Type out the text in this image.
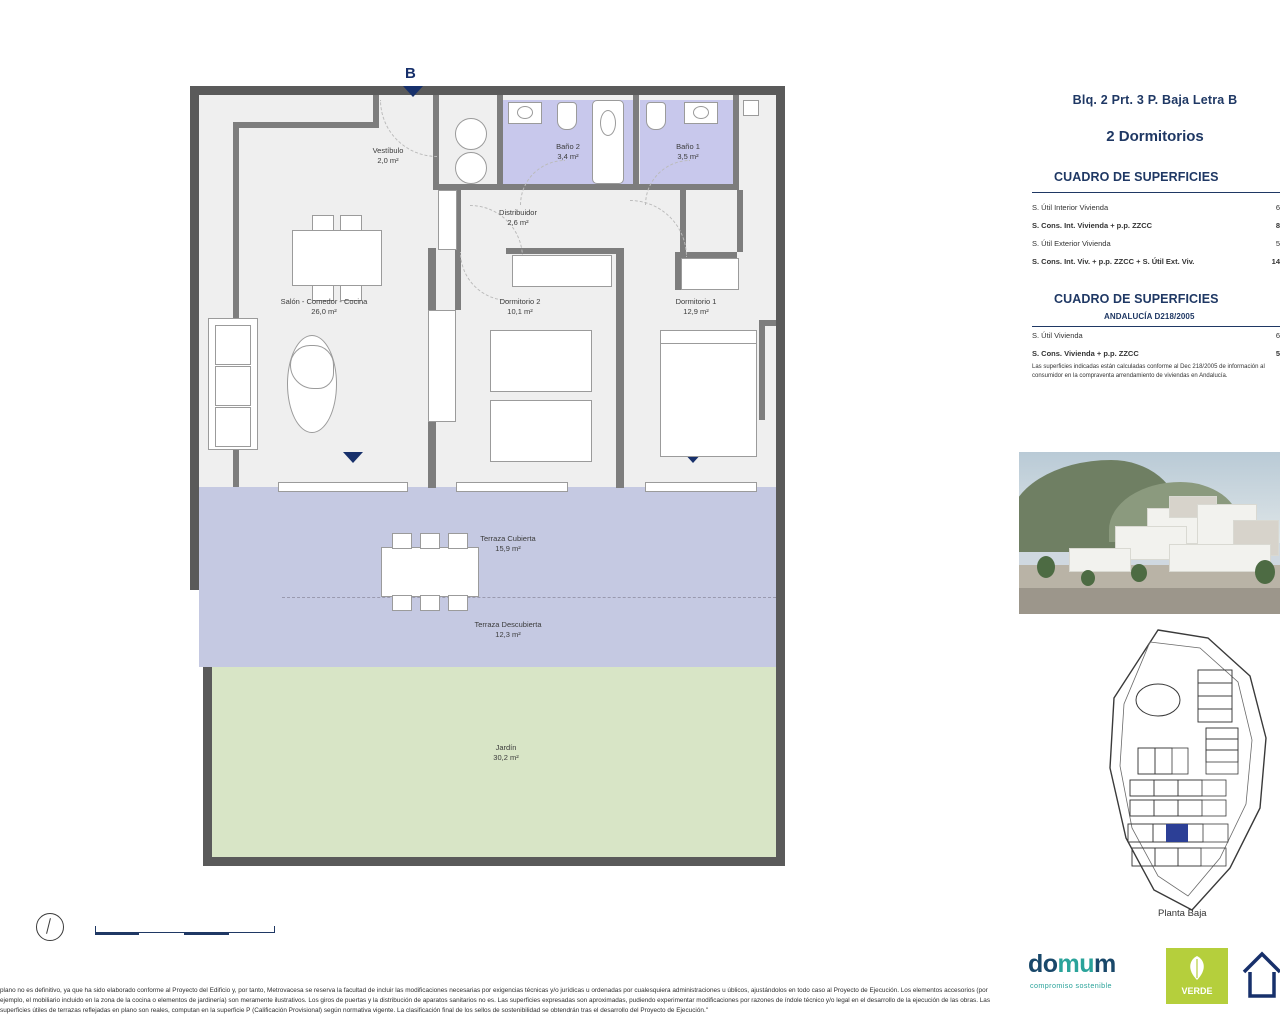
B
Vestíbulo
2,0 m²
Baño 2
3,4 m²
Baño 1
3,5 m²
Distribuidor
2,6 m²
Salón - Comedor - Cocina
26,0 m²
Dormitorio 2
10,1 m²
Dormitorio 1
12,9 m²
Terraza Cubierta
15,9 m²
Terraza Descubierta
12,3 m²
Jardín
30,2 m²
Blq. 2 Prt. 3 P. Baja Letra B
2 Dormitorios
CUADRO DE SUPERFICIES
S. Útil Interior Vivienda	6
S. Cons. Int. Vivienda + p.p. ZZCC	8
S. Útil Exterior Vivienda	5
S. Cons. Int. Viv. + p.p. ZZCC + S. Útil Ext. Viv.	14
CUADRO DE SUPERFICIES
ANDALUCÍA D218/2005
S. Útil Vivienda	6
S. Cons. Vivienda + p.p. ZZCC	5
Las superficies indicadas están calculadas conforme al Dec 218/2005 de información al consumidor en la compraventa arrendamiento de viviendas en Andalucía.
Planta Baja
domum
compromiso sostenible
VERDE

plano no es definitivo, ya que ha sido elaborado conforme al Proyecto del Edificio y, por tanto, Metrovacesa se reserva la facultad de incluir las modificaciones necesarias por exigencias técnicas y/o jurídicas u ordenadas por cualesquiera administraciones u úblicos, ajustándolos en todo caso al Proyecto de Ejecución. Los elementos accesorios (por ejemplo, el mobiliario incluido en la zona de la cocina o elementos de jardinería) son meramente ilustrativos. Los giros de puertas y la distribución de aparatos sanitarios no es. Las superficies expresadas son aproximadas, pudiendo experimentar modificaciones por razones de índole técnico y/o legal en el desarrollo de la ejecución de las obras. Las superficies útiles de terrazas reflejadas en plano son reales, computan en la superficie P (Calificación Provisional) según normativa vigente. La clasificación final de los sellos de sostenibilidad se obtendrán tras el desarrollo del Proyecto de Ejecución."
